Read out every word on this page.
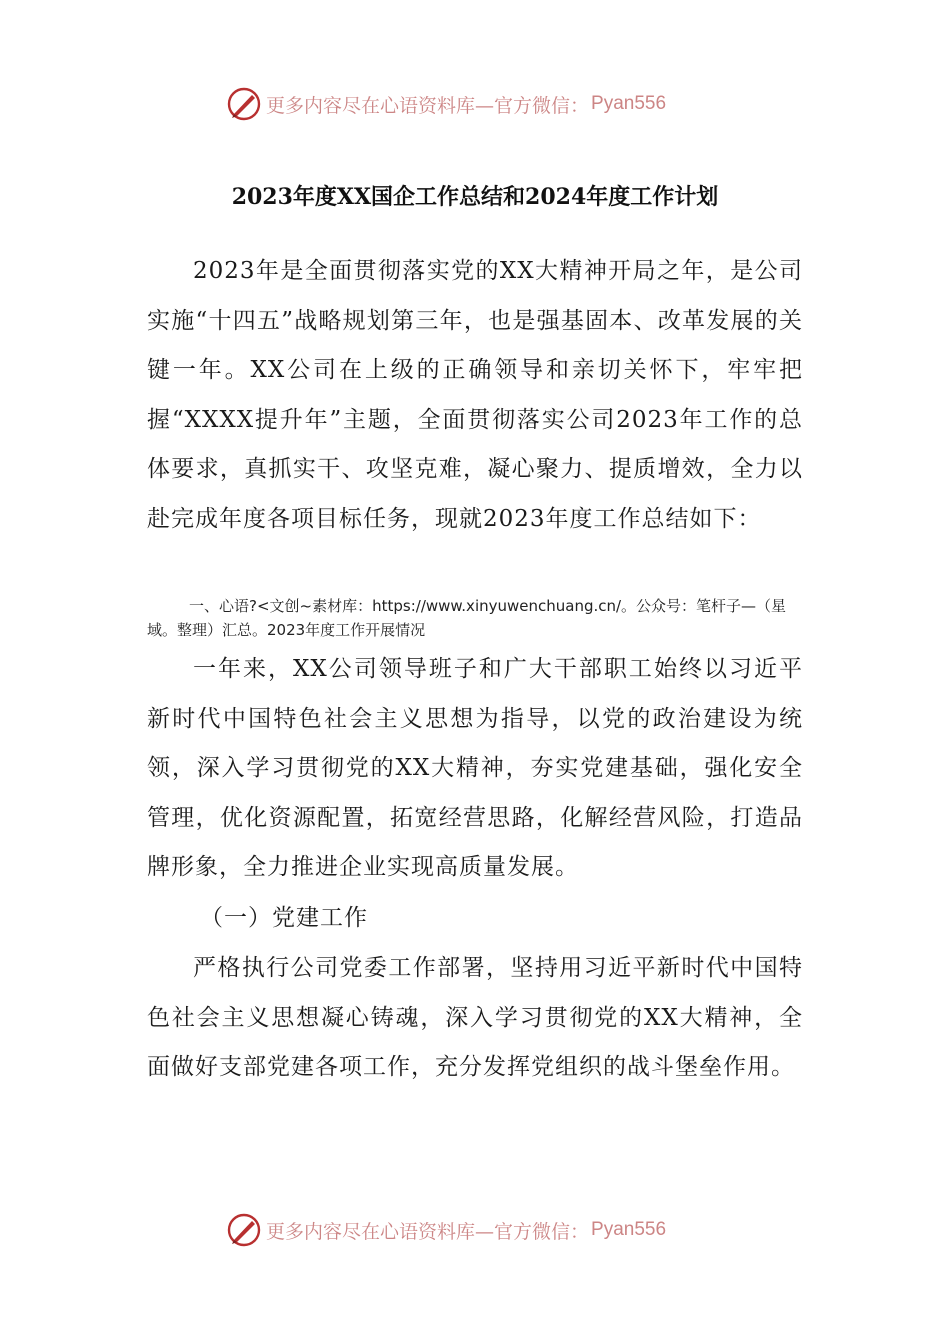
更多内容尽在心语资料库—官方微信： Pyan556
2023年度XX国企工作总结和2024年度工作计划

2023年是全面贯彻落实党的XX大精神开局之年，是公司实施“十四五”战略规划第三年，也是强基固本、改革发展的关键一年。XX公司在上级的正确领导和亲切关怀下，牢牢把握“XXXX提升年”主题，全面贯彻落实公司2023年工作的总体要求，真抓实干、攻坚克难，凝心聚力、提质增效，全力以赴完成年度各项目标任务，现就2023年度工作总结如下：

一、心语?<文创~素材库：https://www.xinyuwenchuang.cn/。公众号：笔杆子—（星域。整理）汇总。2023年度工作开展情况

一年来，XX公司领导班子和广大干部职工始终以习近平新时代中国特色社会主义思想为指导，以党的政治建设为统领，深入学习贯彻党的XX大精神，夯实党建基础，强化安全管理，优化资源配置，拓宽经营思路，化解经营风险，打造品牌形象，全力推进企业实现高质量发展。

（一）党建工作

严格执行公司党委工作部署，坚持用习近平新时代中国特色社会主义思想凝心铸魂，深入学习贯彻党的XX大精神，全面做好支部党建各项工作，充分发挥党组织的战斗堡垒作用。

更多内容尽在心语资料库—官方微信： Pyan556
